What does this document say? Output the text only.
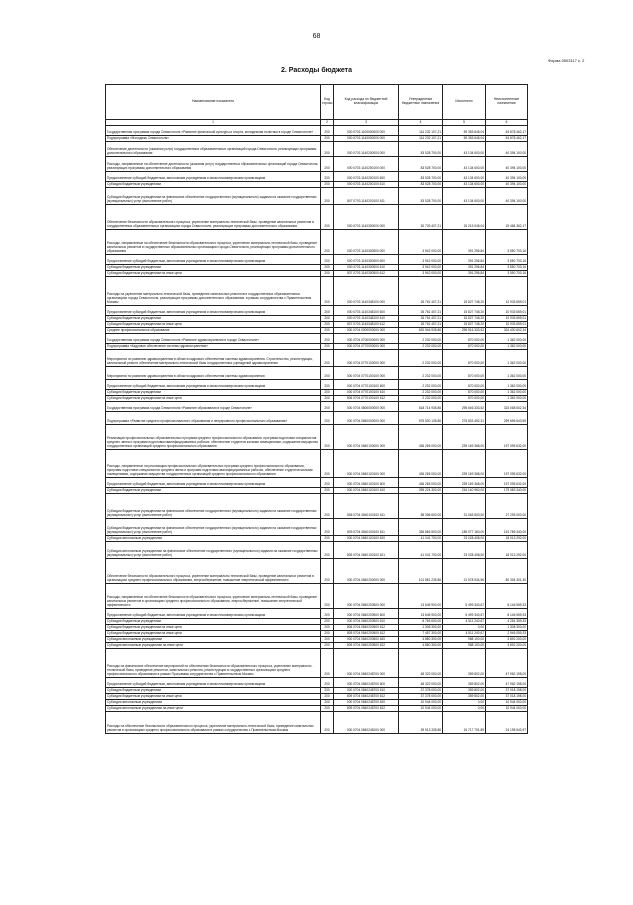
68
Форма 0503117 с. 2
2. Расходы бюджета
Наименование показателя	Код строки	Код расхода по бюджетной классификации	Утвержденные бюджетные назначения	Исполнено	Неисполненные назначения
1	2	3	4	5	6
Государственная программа города Севастополя «Развитие физической культуры и спорта, молодежная политика в городе Севастополе»	200	000 0703 1100000000 000	114 232 107,21	59 353 645,04	54 878 462,17
Подпрограмма «Молодежь Севастополя»	200	000 0703 1140000000 000	114 232 107,21	59 353 645,04	54 878 462,17
Обеспечение деятельности (оказания услуг) государственных образовательных организаций города Севастополя, реализующих программы дополнительного образования	200	000 0703 1140200000 000	83 528 700,00	43 134 600,00	40 394 100,00
Расходы, направленные на обеспечение деятельности (оказания услуг) государственных образовательных организаций города Севастополя, реализующих программы дополнительного образования	200	000 0703 1140200100 000	83 528 700,00	43 134 600,00	40 394 100,00
Предоставление субсидий бюджетным, автономным учреждениям и иным некоммерческим организациям	200	000 0703 1140200100 600	83 528 700,00	43 134 600,00	40 394 100,00
Субсидии бюджетным учреждениям	200	000 0703 1140200100 610	83 528 700,00	43 134 600,00	40 394 100,00
Субсидии бюджетным учреждениям на финансовое обеспечение государственного (муниципального) задания на оказание государственных (муниципальных) услуг (выполнение работ)	200	807 0703 1140200100 611	83 528 700,00	43 134 600,00	40 394 100,00
Обеспечение безопасности образовательного процесса, укрепление материально-технической базы, проведение капитальных ремонтов в государственных образовательных организациях города Севастополя, реализующих программы дополнительного образования	200	000 0703 1140300000 000	30 703 407,21	15 219 045,04	15 484 362,17
Расходы, направленные на обеспечение безопасности образовательного процесса, укрепление материально-технической базы, проведение капитальных ремонтов в государственных образовательных организациях города Севастополя, реализующих программы дополнительного образования	200	000 0703 1140300500 000	3 942 000,00	391 296,84	3 550 703,16
Предоставление субсидий бюджетным, автономным учреждениям и иным некоммерческим организациям	200	000 0703 1140300500 600	3 942 000,00	391 296,84	3 550 703,16
Субсидии бюджетным учреждениям	200	000 0703 1140300500 610	3 942 000,00	391 296,84	3 550 703,16
Субсидии бюджетным учреждениям на иные цели	200	837 0703 1140300500 612	3 942 000,00	391 296,84	3 550 703,16
Расходы на укрепление материально-технической базы, проведение капитальных ремонтов в государственных образовательных организациях города Севастополя, реализующих программы дополнительного образования, в рамках сотрудничества с Правительством Москвы	200	000 0703 1140348100 000	26 761 407,21	15 827 748,20	10 933 659,01
Предоставление субсидий бюджетным, автономным учреждениям и иным некоммерческим организациям	200	000 0703 1140348100 600	26 761 407,21	15 827 748,20	10 933 659,01
Субсидии бюджетным учреждениям	200	000 0703 1140348100 610	26 761 407,21	15 827 748,20	10 933 659,01
Субсидии бюджетным учреждениям на иные цели	200	807 0703 1140348100 612	26 761 407,21	15 827 748,20	10 933 659,01
Среднее профессиональное образование	200	000 0704 0000000000 000	620 946 935,86	296 516 333,52	324 430 602,34
Государственная программа города Севастополя «Развитие здравоохранения в городе Севастополе»	200	000 0704 0700000000 000	2 232 000,00	870 000,00	1 362 000,00
Подпрограмма «Кадровое обеспечение системы здравоохранения»	200	000 0704 0770000000 000	2 232 000,00	870 000,00	1 362 000,00
Мероприятия по развитию здравоохранения в области кадрового обеспечения системы здравоохранения. Строительство, реконструкция, капитальный ремонт, обеспечение материально-технической базы государственных учреждений здравоохранения	200	000 0704 0770100000 000	2 232 000,00	870 000,00	1 362 000,00
Мероприятия по развитию здравоохранения в области кадрового обеспечения системы здравоохранения	200	000 0704 0770100100 000	2 232 000,00	870 000,00	1 362 000,00
Предоставление субсидий бюджетным, автономным учреждениям и иным некоммерческим организациям	200	000 0704 0770100100 600	2 232 000,00	870 000,00	1 362 000,00
Субсидии бюджетным учреждениям	200	000 0704 0770100100 610	2 232 000,00	870 000,00	1 362 000,00
Субсидии бюджетным учреждениям на иные цели	200	806 0704 0770100100 612	2 232 000,00	870 000,00	1 362 000,00
Государственная программа города Севастополя «Развитие образования в городе Севастополе»	200	000 0704 0800000000 000	618 714 935,86	295 646 333,52	323 068 602,34
Подпрограмма «Развитие среднего профессионального образования и непрерывного профессионального образования»	200	000 0704 0840000000 000	575 530 135,86	275 833 492,31	299 696 643,55
Реализация профессиональных образовательных программ среднего профессионального образования, программ подготовки специалистов среднего звена и программ подготовки квалифицированных рабочих, обеспечение студентов жилыми помещениями, содержание имущества государственных организаций среднего профессионального образования	200	000 0704 0840100000 000	436 265 000,00	239 169 368,00	197 095 632,00
Расходы, направленные на реализацию профессиональных образовательных программ среднего профессионального образования, программ подготовки специалистов среднего звена и программ подготовки квалифицированных рабочих, обеспечение студентов жилыми помещениями, содержание имущества государственных организаций среднего профессионального образования	200	000 0704 0840100100 000	436 265 000,00	239 169 368,00	197 095 632,00
Предоставление субсидий бюджетным, автономным учреждениям и иным некоммерческим организациям	200	000 0704 0840100100 600	436 265 000,00	239 169 368,00	197 095 632,00
Субсидии бюджетным учреждениям	200	000 0704 0840100100 610	395 224 300,00	216 140 960,00	179 083 340,00
Субсидии бюджетным учреждениям на финансовое обеспечение государственного (муниципального) задания на оказание государственных (муниципальных) услуг (выполнение работ)	200	806 0704 0840100100 611	58 356 600,00	31 063 600,00	27 293 000,00
Субсидии бюджетным учреждениям на финансовое обеспечение государственного (муниципального) задания на оказание государственных (муниципальных) услуг (выполнение работ)	200	809 0704 0840100100 611	336 866 500,00	185 077 160,00	151 789 340,00
Субсидии автономным учреждениям	200	000 0704 0840100100 620	41 041 700,00	23 028 408,00	18 013 292,00
Субсидии автономным учреждениям на финансовое обеспечение государственного (муниципального) задания на оказание государственных (муниципальных) услуг (выполнение работ)	200	809 0704 0840100100 621	41 041 700,00	23 028 408,00	18 013 292,00
Обеспечение безопасности образовательного процесса, укрепление материально-технической базы, проведение капитальных ремонтов в организациях среднего профессионального образования, энергосбережение, повышение энергетической эффективности	200	000 0704 0840200000 000	101 881 235,86	21 578 934,56	80 304 301,30
Расходы, направленные на обеспечение безопасности образовательного процесса, укрепление материально-технической базы, проведение капитальных ремонтов в организациях среднего профессионального образования, энергосбережение, повышение энергетической эффективности	200	000 0704 0840200500 000	13 645 900,00	5 499 340,67	8 146 559,33
Предоставление субсидий бюджетным, автономным учреждениям и иным некоммерческим организациям	200	000 0704 0840200500 600	13 645 900,00	5 499 340,67	8 146 559,33
Субсидии бюджетным учреждениям	200	000 0704 0840200500 610	8 765 600,00	4 511 240,67	4 254 359,33
Субсидии бюджетным учреждениям на иные цели	200	806 0704 0840200500 612	1 308 300,00	0,00	1 308 300,00
Субсидии бюджетным учреждениям на иные цели	200	809 0704 0840200500 612	7 457 300,00	4 511 240,67	2 946 059,33
Субсидии автономным учреждениям	200	000 0704 0840200500 620	4 880 300,00	988 100,00	3 892 200,00
Субсидии автономным учреждениям на иные цели	200	809 0704 0840200500 622	4 880 300,00	988 100,00	3 892 200,00
Расходы на финансовое обеспечение мероприятий по обеспечению безопасности образовательного процесса, укрепление материально-технической базы, проведение ремонтов, капитального ремонта, реконструкции в государственных организациях среднего профессионального образования в рамках Программы сотрудничества с Правительством Москвы	200	000 0704 0840248700 000	48 322 000,00	359 802,00	47 962 198,00
Предоставление субсидий бюджетным, автономным учреждениям и иным некоммерческим организациям	200	000 0704 0840248700 600	48 322 000,00	359 802,00	47 962 198,00
Субсидии бюджетным учреждениям	200	000 0704 0840248700 610	37 378 000,00	359 802,00	37 018 198,00
Субсидии бюджетным учреждениям на иные цели	200	809 0704 0840248700 612	37 378 000,00	359 802,00	37 018 198,00
Субсидии автономным учреждениям	200	000 0704 0840248700 620	10 944 000,00	0,00	10 944 000,00
Субсидии автономным учреждениям на иные цели	200	809 0704 0840248700 622	10 944 000,00	0,00	10 944 000,00
Расходы на обеспечение безопасности образовательного процесса, укрепление материально-технической базы, проведение капитальных ремонтов в организациях среднего профессионального образования в рамках сотрудничества с Правительством Москвы	200	000 0704 0840248100 000	39 913 335,86	15 717 791,89	24 195 543,97
